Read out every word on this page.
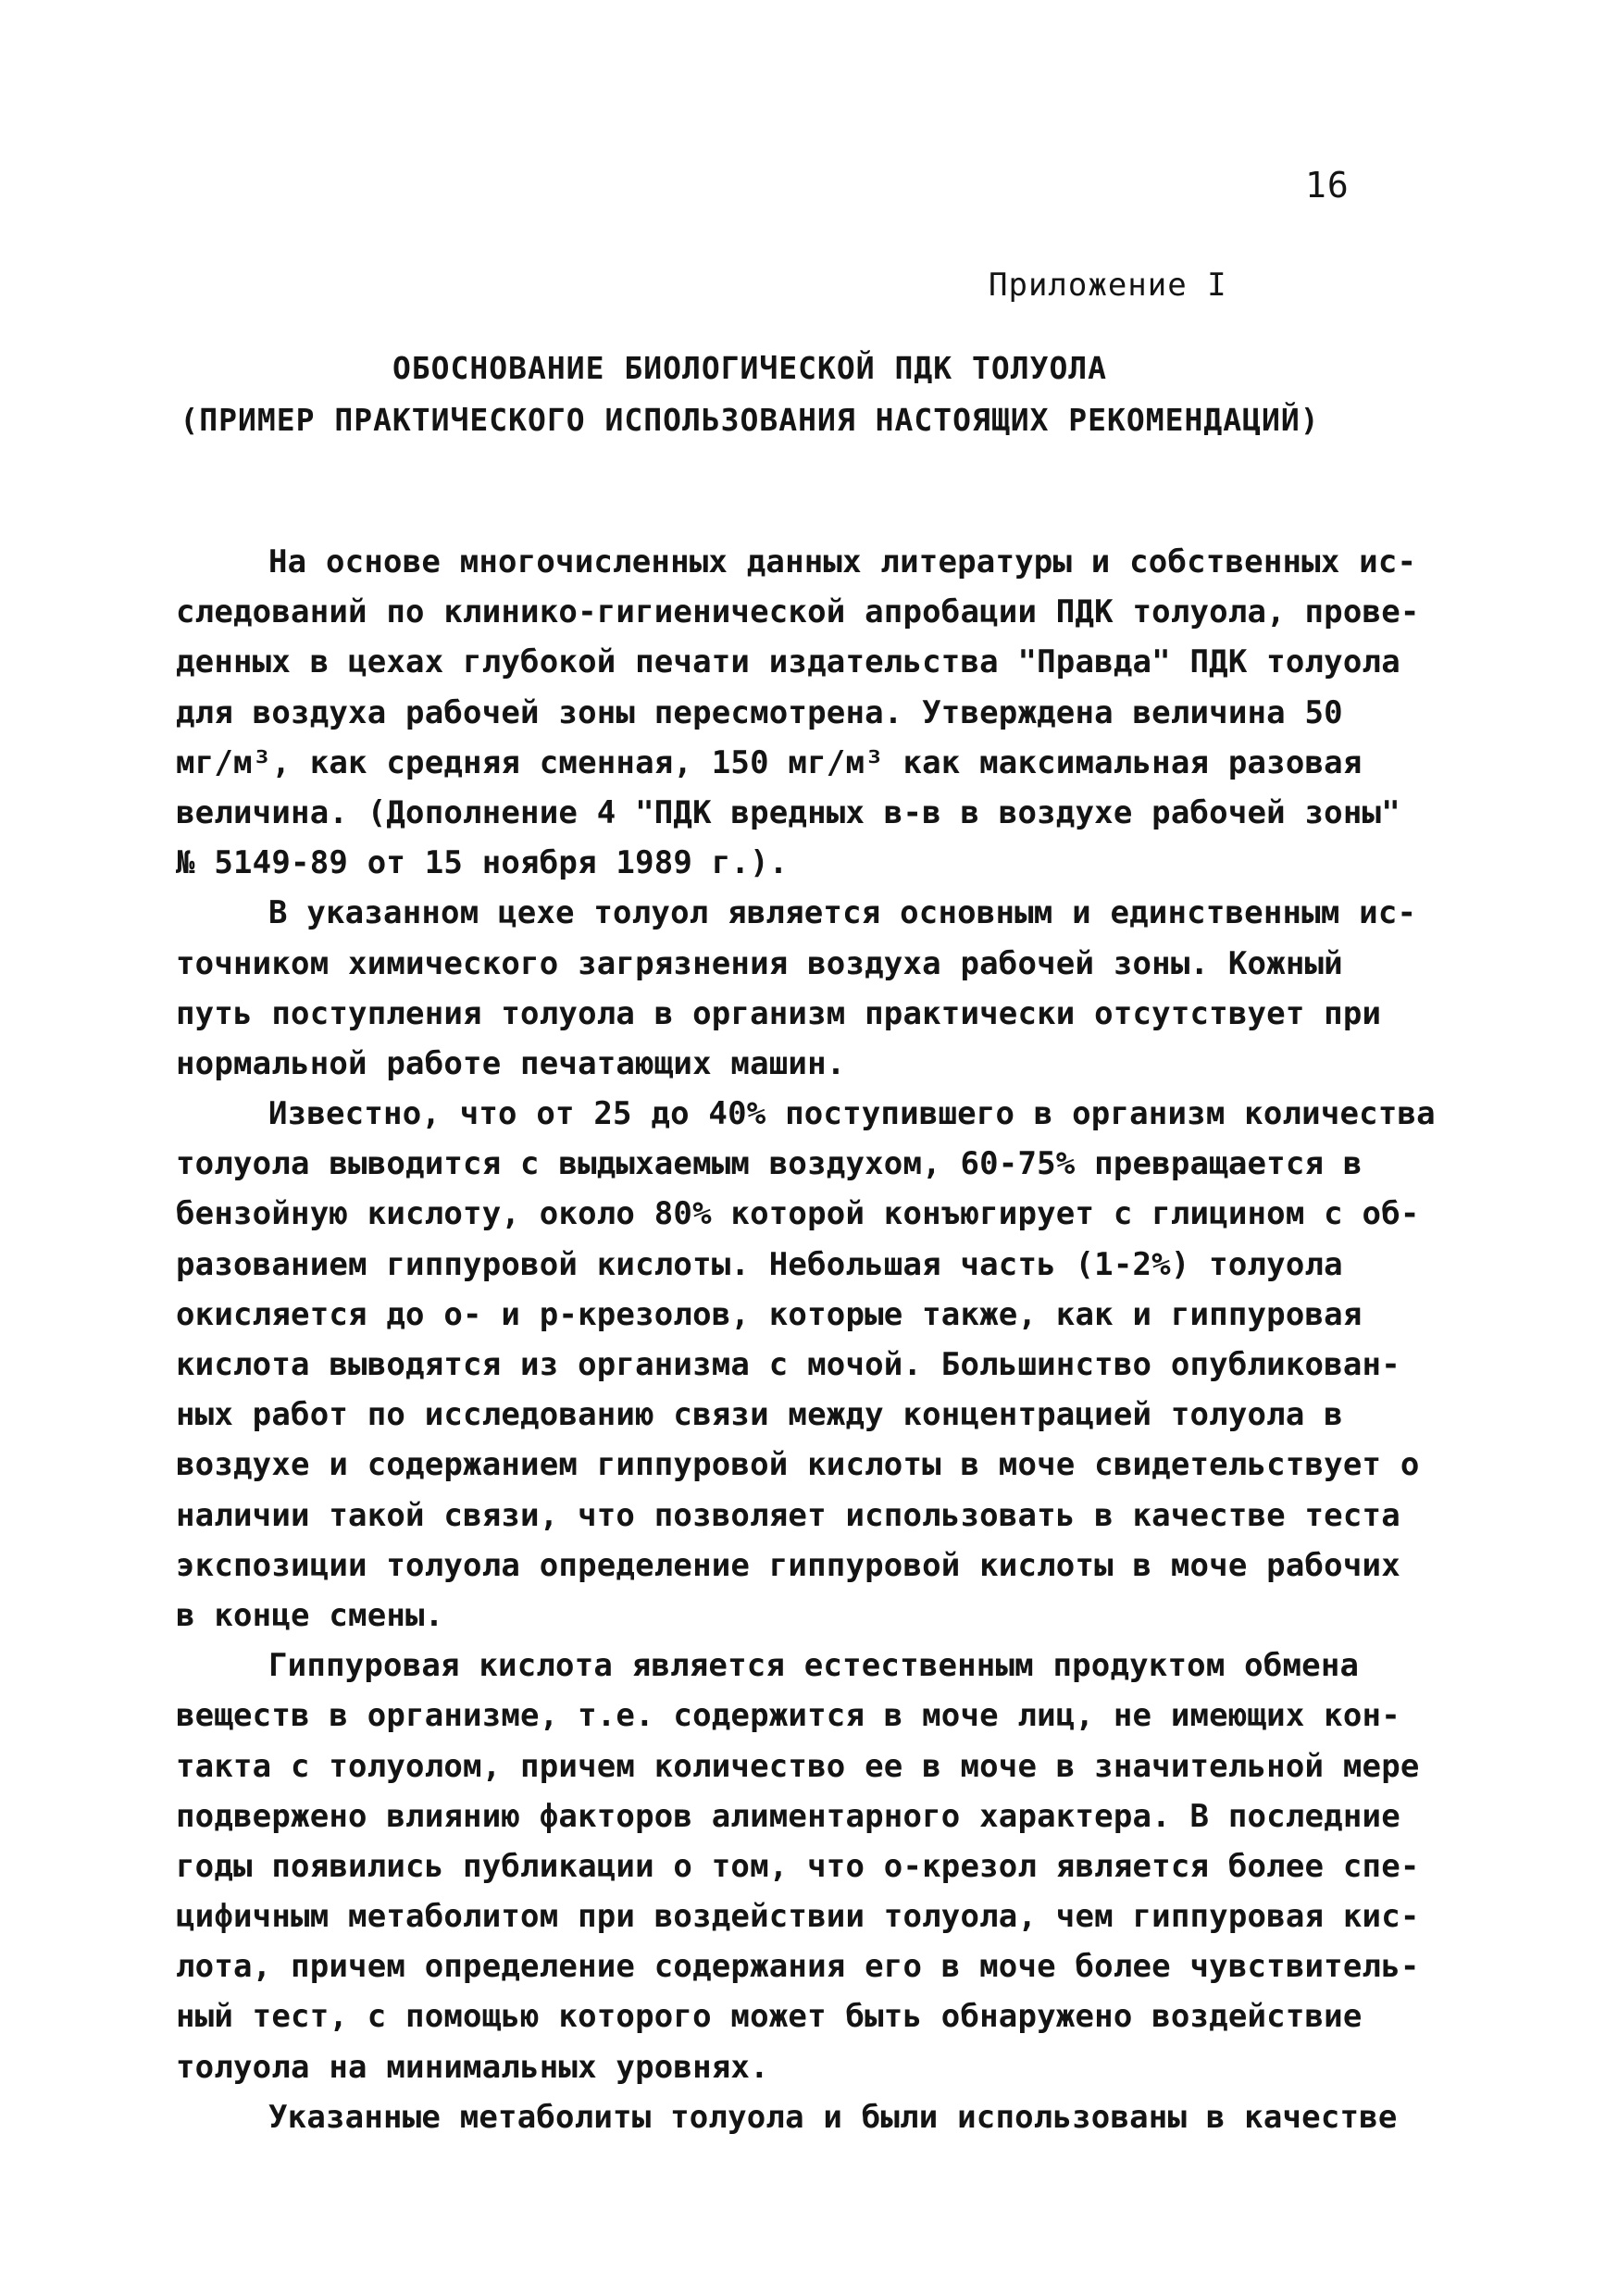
16
Приложение I
ОБОСНОВАНИЕ БИОЛОГИЧЕСКОЙ ПДК ТОЛУОЛА
(ПРИМЕР ПРАКТИЧЕСКОГО ИСПОЛЬЗОВАНИЯ НАСТОЯЩИХ РЕКОМЕНДАЦИЙ)
На основе многочисленных данных литературы и собственных ис-
следований по клинико-гигиенической апробации ПДК толуола, прове-
денных в цехах глубокой печати издательства "Правда" ПДК толуола
для воздуха рабочей зоны пересмотрена. Утверждена величина 50
мг/м³, как средняя сменная, 150 мг/м³ как максимальная разовая
величина. (Дополнение 4 "ПДК вредных в-в в воздухе рабочей зоны"
№ 5149-89 от 15 ноября 1989 г.).
В указанном цехе толуол является основным и единственным ис-
точником химического загрязнения воздуха рабочей зоны. Кожный
путь поступления толуола в организм практически отсутствует при
нормальной работе печатающих машин.
Известно, что от 25 до 40% поступившего в организм количества
толуола выводится с выдыхаемым воздухом, 60-75% превращается в
бензойную кислоту, около 80% которой конъюгирует с глицином с об-
разованием гиппуровой кислоты. Небольшая часть (1-2%) толуола
окисляется до о- и р-крезолов, которые также, как и гиппуровая
кислота выводятся из организма с мочой. Большинство опубликован-
ных работ по исследованию связи между концентрацией толуола в
воздухе и содержанием гиппуровой кислоты в моче свидетельствует о
наличии такой связи, что позволяет использовать в качестве теста
экспозиции толуола определение гиппуровой кислоты в моче рабочих
в конце смены.
Гиппуровая кислота является естественным продуктом обмена
веществ в организме, т.е. содержится в моче лиц, не имеющих кон-
такта с толуолом, причем количество ее в моче в значительной мере
подвержено влиянию факторов алиментарного характера. В последние
годы появились публикации о том, что о-крезол является более спе-
цифичным метаболитом при воздействии толуола, чем гиппуровая кис-
лота, причем определение содержания его в моче более чувствитель-
ный тест, с помощью которого может быть обнаружено воздействие
толуола на минимальных уровнях.
Указанные метаболиты толуола и были использованы в качестве
